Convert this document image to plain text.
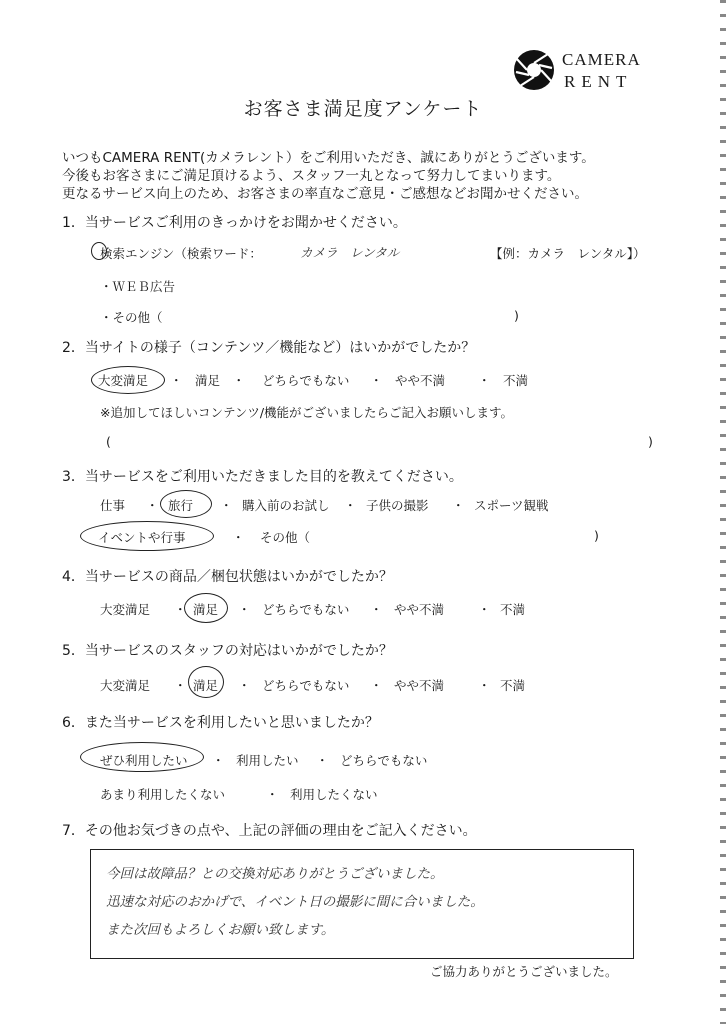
CAMERA
RENT
お客さま満足度アンケート
いつもCAMERA RENT(カメラレント）をご利用いただき、誠にありがとうございます。
今後もお客さまにご満足頂けるよう、スタッフ一丸となって努力してまいります。
更なるサービス向上のため、お客さまの率直なご意見・ご感想などお聞かせください。
1．当サービスご利用のきっかけをお聞かせください。
検索エンジン（検索ワード：	カメラ　レンタル	【例：カメラ　レンタル】）
・ＷＥＢ広告
・その他（	)
2．当サイトの様子（コンテンツ／機能など）はいかがでしたか？
大変満足 ・　満足　・ どちらでもない ・　やや不満	・　不満
※追加してほしいコンテンツ/機能がございましたらご記入お願いします。
(	)
3．当サービスをご利用いただきました目的を教えてください。
仕事 ・ 旅行 ・ 購入前のお試し ・ 子供の撮影 ・ スポーツ観戦
イベントや行事	・ その他（	)
4．当サービスの商品／梱包状態はいかがでしたか？
大変満足 ・ 満足 ・ どちらでもない ・ やや不満	・ 不満
5．当サービスのスタッフの対応はいかがでしたか？
大変満足 ・ 満足 ・ どちらでもない ・ やや不満	・ 不満
6．また当サービスを利用したいと思いましたか？
ぜひ利用したい ・ 利用したい ・ どちらでもない
あまり利用したくない	・ 利用したくない
7．その他お気づきの点や、上記の評価の理由をご記入ください。
今回は故障品？との交換対応ありがとうございました。
迅速な対応のおかげで、イベント日の撮影に間に合いました。
また次回もよろしくお願い致します。
ご協力ありがとうございました。
